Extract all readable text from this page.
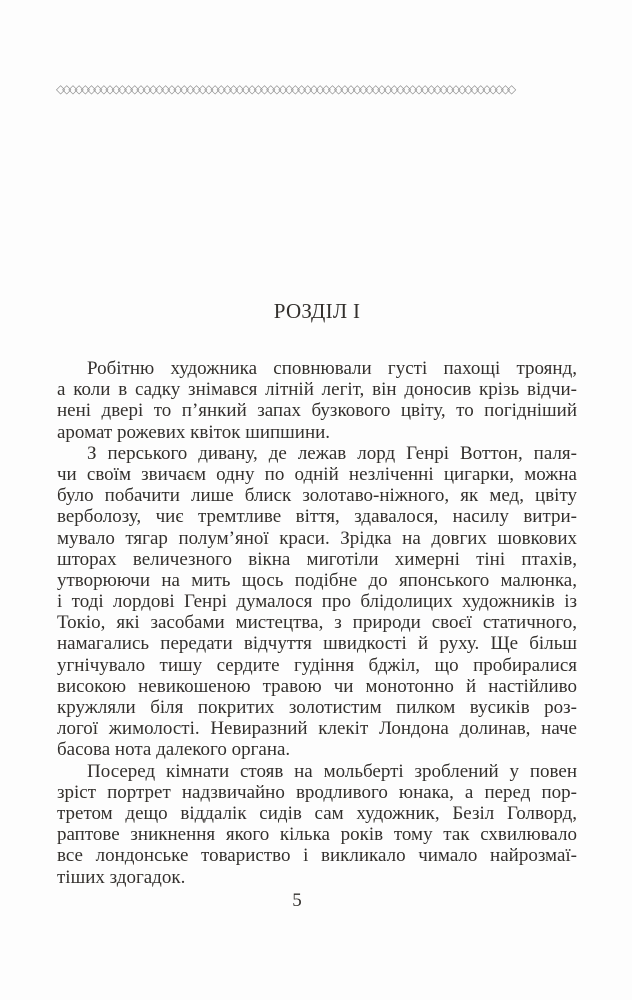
◇◇◇◇◇◇◇◇◇◇◇◇◇◇◇◇◇◇◇◇◇◇◇◇◇◇◇◇◇◇◇◇◇◇◇◇◇◇◇◇◇◇◇◇◇◇◇◇◇◇◇◇◇◇◇◇◇◇◇◇◇◇◇◇◇◇◇◇◇◇◇◇◇◇
РОЗДІЛ I
Робітню художника сповнювали густі пахощі троянд,
а коли в садку знімався літній легіт, він доносив крізь відчи-
нені двері то п’янкий запах бузкового цвіту, то погідніший
аромат рожевих квіток шипшини.
З перського дивану, де лежав лорд Генрі Воттон, паля-
чи своїм звичаєм одну по одній незліченні цигарки, можна
було побачити лише блиск золотаво-ніжного, як мед, цвіту
верболозу, чиє тремтливе віття, здавалося, насилу витри-
мувало тягар полум’яної краси. Зрідка на довгих шовкових
шторах величезного вікна миготіли химерні тіні птахів,
утворюючи на мить щось подібне до японського малюнка,
і тоді лордові Генрі думалося про блідолицих художників із
Токіо, які засобами мистецтва, з природи своєї статичного,
намагались передати відчуття швидкості й руху. Ще більш
угнічувало тишу сердите гудіння бджіл, що пробиралися
високою невикошеною травою чи монотонно й настійливо
кружляли біля покритих золотистим пилком вусиків роз-
логої жимолості. Невиразний клекіт Лондона долинав, наче
басова нота далекого органа.
Посеред кімнати стояв на мольберті зроблений у повен
зріст портрет надзвичайно вродливого юнака, а перед пор-
третом дещо віддалік сидів сам художник, Безіл Голворд,
раптове зникнення якого кілька років тому так схвилювало
все лондонське товариство і викликало чимало найрозмаї-
тіших здогадок.
5
